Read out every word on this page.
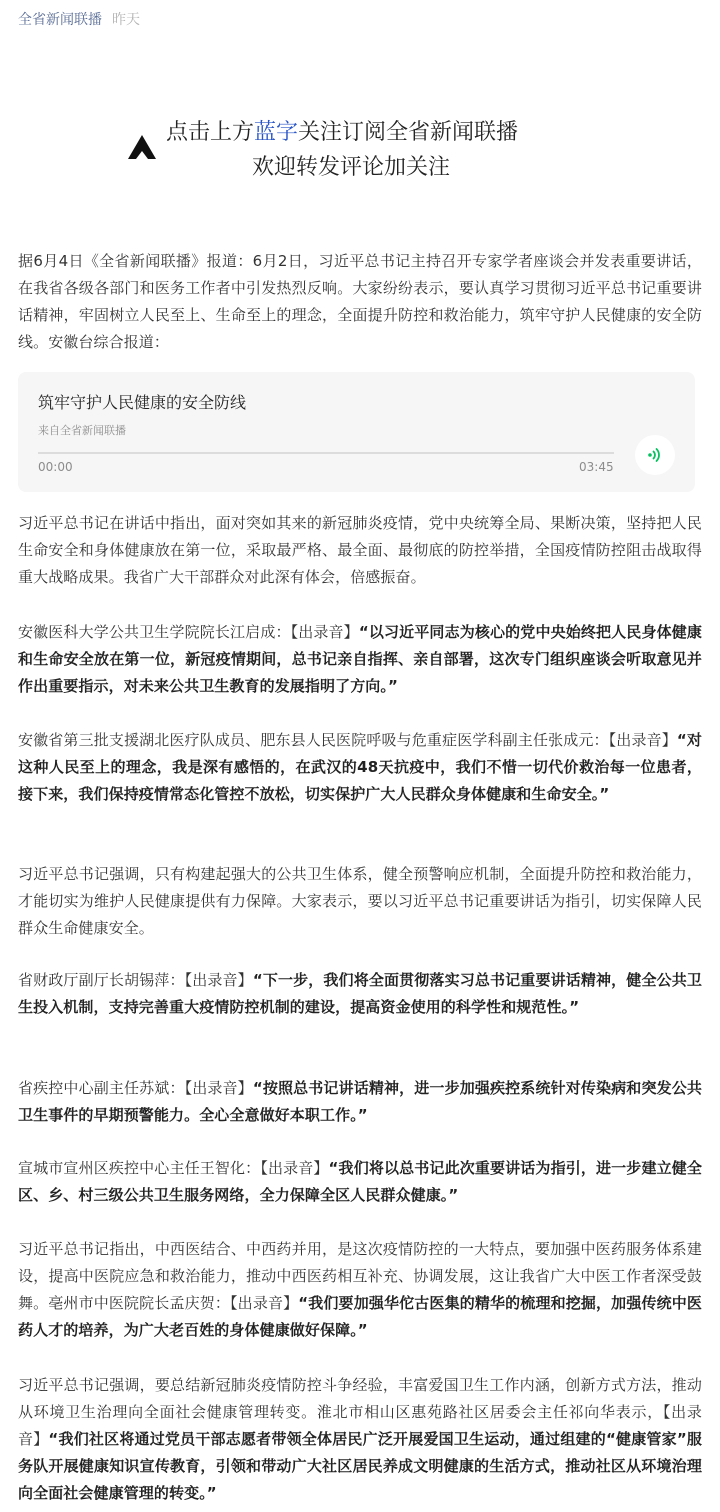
全省新闻联播 昨天
点击上方蓝字关注订阅全省新闻联播
欢迎转发评论加关注

据6月4日《全省新闻联播》报道：6月2日，习近平总书记主持召开专家学者座谈会并发表重要讲话，在我省各级各部门和医务工作者中引发热烈反响。大家纷纷表示，要认真学习贯彻习近平总书记重要讲话精神，牢固树立人民至上、生命至上的理念，全面提升防控和救治能力，筑牢守护人民健康的安全防线。安徽台综合报道：

筑牢守护人民健康的安全防线
来自全省新闻联播
00:00	03:45

习近平总书记在讲话中指出，面对突如其来的新冠肺炎疫情，党中央统筹全局、果断决策，坚持把人民生命安全和身体健康放在第一位，采取最严格、最全面、最彻底的防控举措，全国疫情防控阻击战取得重大战略成果。我省广大干部群众对此深有体会，倍感振奋。

安徽医科大学公共卫生学院院长江启成：【出录音】“以习近平同志为核心的党中央始终把人民身体健康和生命安全放在第一位，新冠疫情期间，总书记亲自指挥、亲自部署，这次专门组织座谈会听取意见并作出重要指示，对未来公共卫生教育的发展指明了方向。”

安徽省第三批支援湖北医疗队成员、肥东县人民医院呼吸与危重症医学科副主任张成元：【出录音】“对这种人民至上的理念，我是深有感悟的，在武汉的48天抗疫中，我们不惜一切代价救治每一位患者，接下来，我们保持疫情常态化管控不放松，切实保护广大人民群众身体健康和生命安全。”

习近平总书记强调，只有构建起强大的公共卫生体系，健全预警响应机制，全面提升防控和救治能力，才能切实为维护人民健康提供有力保障。大家表示，要以习近平总书记重要讲话为指引，切实保障人民群众生命健康安全。

省财政厅副厅长胡锡萍：【出录音】“下一步，我们将全面贯彻落实习总书记重要讲话精神，健全公共卫生投入机制，支持完善重大疫情防控机制的建设，提高资金使用的科学性和规范性。”

省疾控中心副主任苏斌：【出录音】“按照总书记讲话精神，进一步加强疾控系统针对传染病和突发公共卫生事件的早期预警能力。全心全意做好本职工作。”

宣城市宣州区疾控中心主任王智化：【出录音】“我们将以总书记此次重要讲话为指引，进一步建立健全区、乡、村三级公共卫生服务网络，全力保障全区人民群众健康。”

习近平总书记指出，中西医结合、中西药并用，是这次疫情防控的一大特点，要加强中医药服务体系建设，提高中医院应急和救治能力，推动中西医药相互补充、协调发展，这让我省广大中医工作者深受鼓舞。亳州市中医院院长孟庆贺：【出录音】“我们要加强华佗古医集的精华的梳理和挖掘，加强传统中医药人才的培养，为广大老百姓的身体健康做好保障。”

习近平总书记强调，要总结新冠肺炎疫情防控斗争经验，丰富爱国卫生工作内涵，创新方式方法，推动从环境卫生治理向全面社会健康管理转变。淮北市相山区惠苑路社区居委会主任祁向华表示，【出录音】“我们社区将通过党员干部志愿者带领全体居民广泛开展爱国卫生运动，通过组建的“健康管家”服务队开展健康知识宣传教育，引领和带动广大社区居民养成文明健康的生活方式，推动社区从环境治理向全面社会健康管理的转变。”
